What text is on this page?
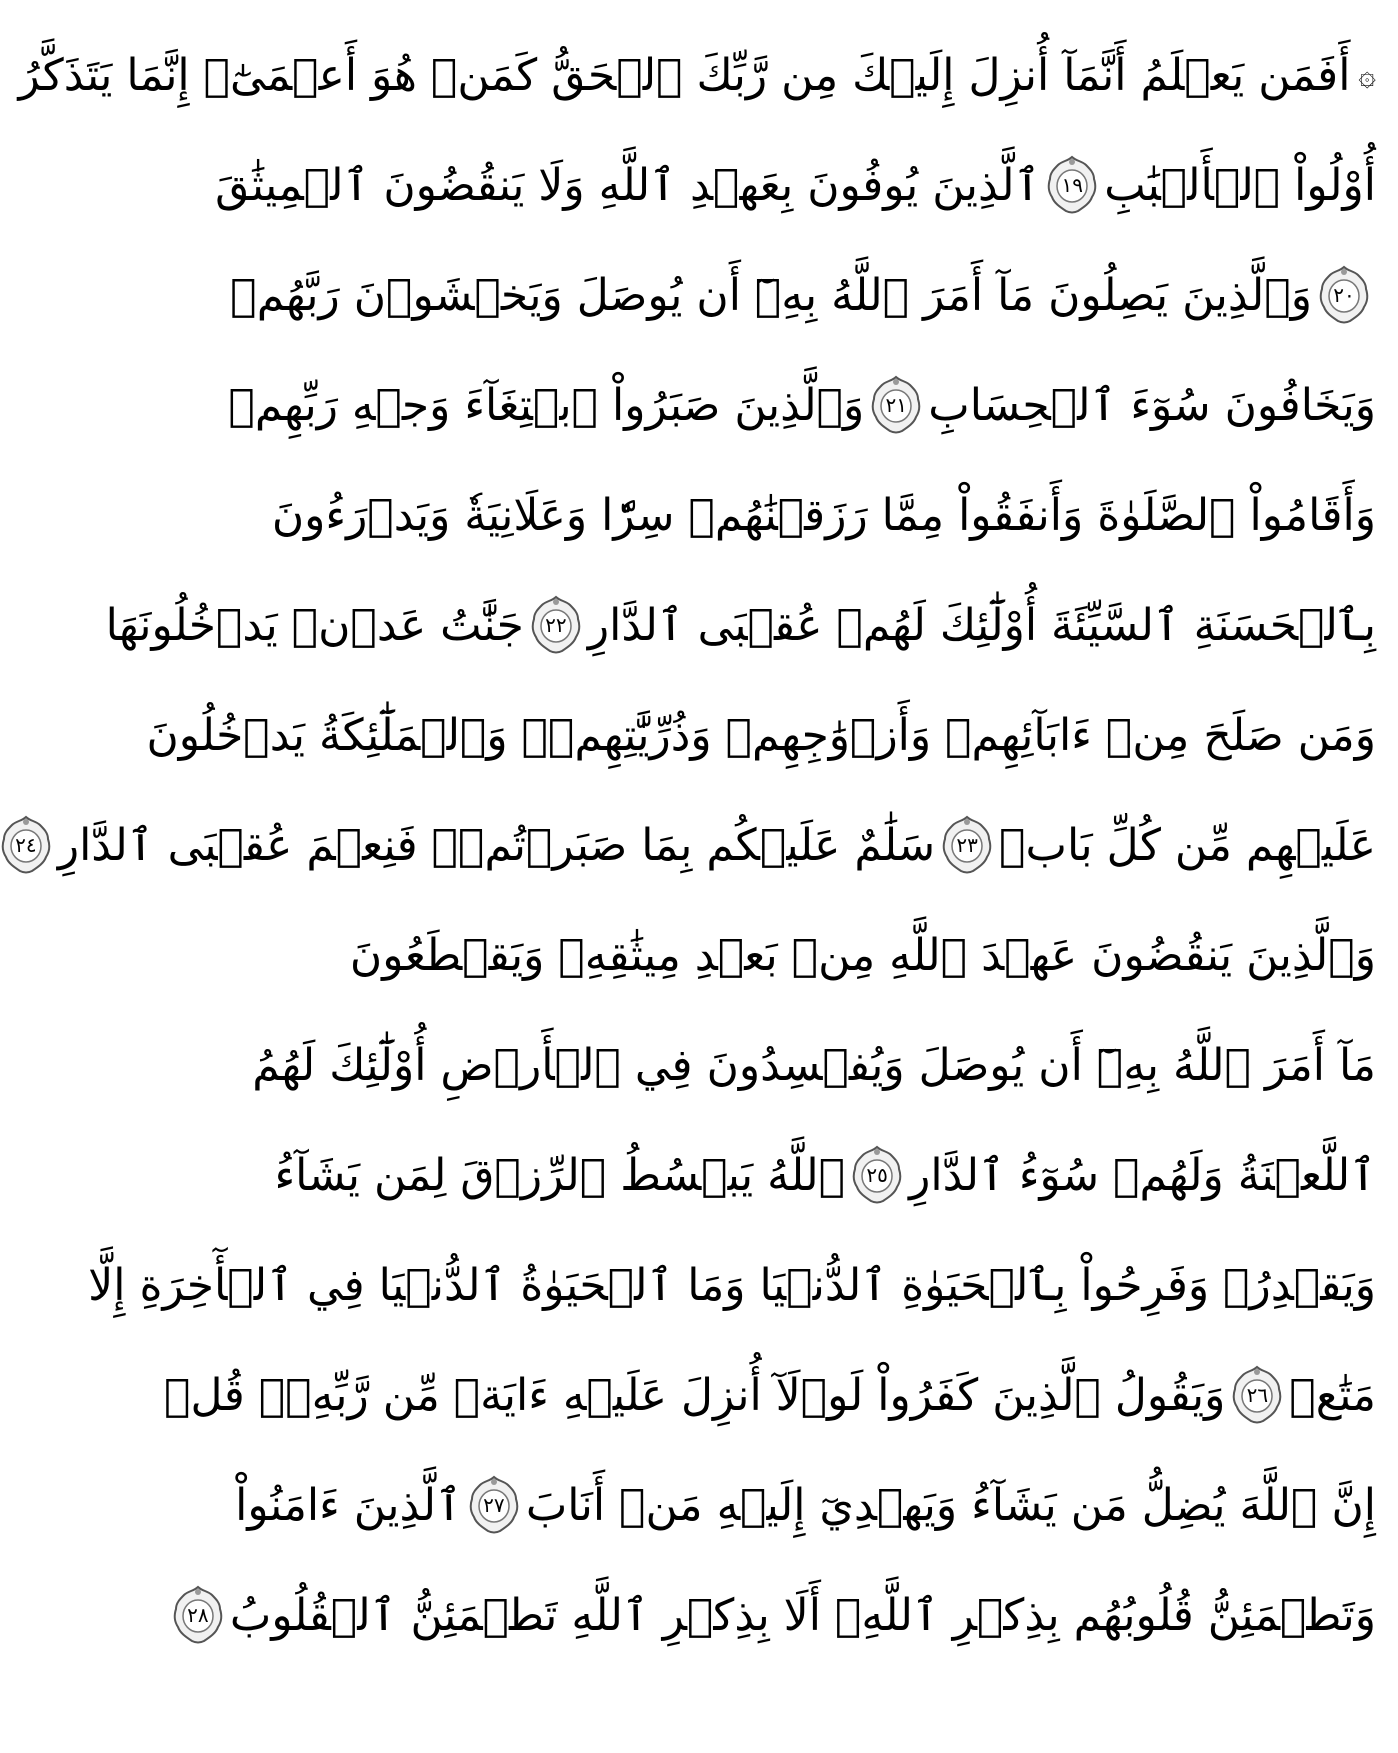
۞
أَفَمَن يَعۡلَمُ أَنَّمَآ أُنزِلَ إِلَيۡكَ مِن رَّبِّكَ ٱلۡحَقُّ كَمَنۡ هُوَ أَعۡمَىٰٓۚ إِنَّمَا يَتَذَكَّرُ
أُوْلُواْ ٱلۡأَلۡبَٰبِ
١٩
ٱلَّذِينَ يُوفُونَ بِعَهۡدِ ٱللَّهِ وَلَا يَنقُضُونَ ٱلۡمِيثَٰقَ
٢٠
وَٱلَّذِينَ يَصِلُونَ مَآ أَمَرَ ٱللَّهُ بِهِۦٓ أَن يُوصَلَ وَيَخۡشَوۡنَ رَبَّهُمۡ
وَيَخَافُونَ سُوٓءَ ٱلۡحِسَابِ
٢١
وَٱلَّذِينَ صَبَرُواْ ٱبۡتِغَآءَ وَجۡهِ رَبِّهِمۡ
وَأَقَامُواْ ٱلصَّلَوٰةَ وَأَنفَقُواْ مِمَّا رَزَقۡنَٰهُمۡ سِرّٗا وَعَلَانِيَةٗ وَيَدۡرَءُونَ
بِٱلۡحَسَنَةِ ٱلسَّيِّئَةَ أُوْلَٰٓئِكَ لَهُمۡ عُقۡبَى ٱلدَّارِ
٢٢
جَنَّٰتُ عَدۡنٖ يَدۡخُلُونَهَا
وَمَن صَلَحَ مِنۡ ءَابَآئِهِمۡ وَأَزۡوَٰجِهِمۡ وَذُرِّيَّٰتِهِمۡۖ وَٱلۡمَلَٰٓئِكَةُ يَدۡخُلُونَ
عَلَيۡهِم مِّن كُلِّ بَابٖ
٢٣
سَلَٰمٌ عَلَيۡكُم بِمَا صَبَرۡتُمۡۚ فَنِعۡمَ عُقۡبَى ٱلدَّارِ
٢٤
وَٱلَّذِينَ يَنقُضُونَ عَهۡدَ ٱللَّهِ مِنۢ بَعۡدِ مِيثَٰقِهِۦ وَيَقۡطَعُونَ
مَآ أَمَرَ ٱللَّهُ بِهِۦٓ أَن يُوصَلَ وَيُفۡسِدُونَ فِي ٱلۡأَرۡضِ أُوْلَٰٓئِكَ لَهُمُ
ٱللَّعۡنَةُ وَلَهُمۡ سُوٓءُ ٱلدَّارِ
٢٥
ٱللَّهُ يَبۡسُطُ ٱلرِّزۡقَ لِمَن يَشَآءُ
وَيَقۡدِرُۚ وَفَرِحُواْ بِٱلۡحَيَوٰةِ ٱلدُّنۡيَا وَمَا ٱلۡحَيَوٰةُ ٱلدُّنۡيَا فِي ٱلۡأٓخِرَةِ إِلَّا
مَتَٰعٞ
٢٦
وَيَقُولُ ٱلَّذِينَ كَفَرُواْ لَوۡلَآ أُنزِلَ عَلَيۡهِ ءَايَةٞ مِّن رَّبِّهِۦۚ قُلۡ
إِنَّ ٱللَّهَ يُضِلُّ مَن يَشَآءُ وَيَهۡدِيٓ إِلَيۡهِ مَنۡ أَنَابَ
٢٧
ٱلَّذِينَ ءَامَنُواْ
وَتَطۡمَئِنُّ قُلُوبُهُم بِذِكۡرِ ٱللَّهِۗ أَلَا بِذِكۡرِ ٱللَّهِ تَطۡمَئِنُّ ٱلۡقُلُوبُ
٢٨
